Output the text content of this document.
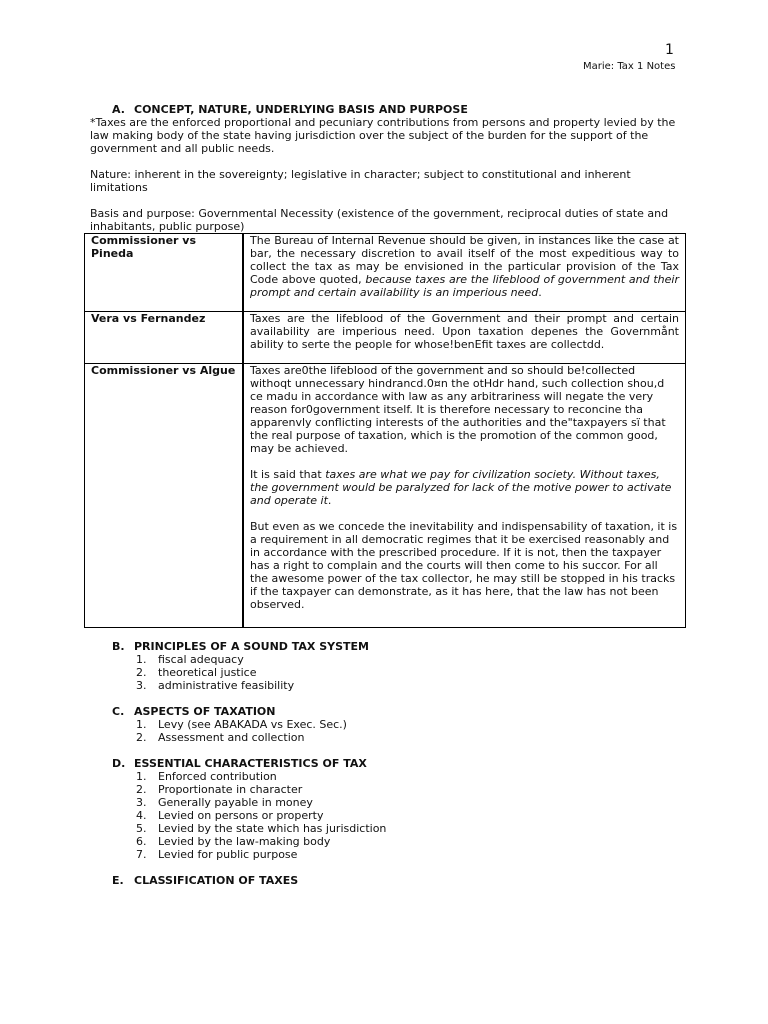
1
Marie: Tax 1 Notes

A. CONCEPT, NATURE, UNDERLYING BASIS AND PURPOSE

*Taxes are the enforced proportional and pecuniary contributions from persons and property levied by the law making body of the state having jurisdiction over the subject of the burden for the support of the government and all public needs.

Nature: inherent in the sovereignty; legislative in character; subject to constitutional and inherent limitations

Basis and purpose: Governmental Necessity (existence of the government, reciprocal duties of state and inhabitants, public purpose)

Commissioner vs Pineda	The Bureau of Internal Revenue should be given, in instances like the case at bar, the necessary discretion to avail itself of the most expeditious way to collect the tax as may be envisioned in the particular provision of the Tax Code above quoted, because taxes are the lifeblood of government and their prompt and certain availability is an imperious need.
Vera vs Fernandez	Taxes are the lifeblood of the Government and their prompt and certain availability are imperious need. Upon taxation depenes the Governmånt ability to serte the people for whose!benEfit taxes are collectdd.
Commissioner vs Algue	Taxes are0the lifeblood of the government and so should be!collected withoqt unnecessary hindrancd.0¤n the otHdr hand, such collection shou,d ce madu in accordance with law as any arbitrariness will negate the very reason for0government itself. It is therefore necessary to reconcine tha apparenvly conflicting interests of the authorities and the"taxpayers sï that the real purpose of taxation, which is the promotion of the common good, may be achieved.

It is said that taxes are what we pay for civilization society. Without taxes, the government would be paralyzed for lack of the motive power to activate and operate it.

But even as we concede the inevitability and indispensability of taxation, it is a requirement in all democratic regimes that it be exercised reasonably and in accordance with the prescribed procedure. If it is not, then the taxpayer has a right to complain and the courts will then come to his succor. For all the awesome power of the tax collector, he may still be stopped in his tracks if the taxpayer can demonstrate, as it has here, that the law has not been observed.

B. PRINCIPLES OF A SOUND TAX SYSTEM

1. fiscal adequacy
2. theoretical justice
3. administrative feasibility

C. ASPECTS OF TAXATION

1. Levy (see ABAKADA vs Exec. Sec.)
2. Assessment and collection

D. ESSENTIAL CHARACTERISTICS OF TAX

1. Enforced contribution
2. Proportionate in character
3. Generally payable in money
4. Levied on persons or property
5. Levied by the state which has jurisdiction
6. Levied by the law-making body
7. Levied for public purpose

E. CLASSIFICATION OF TAXES
